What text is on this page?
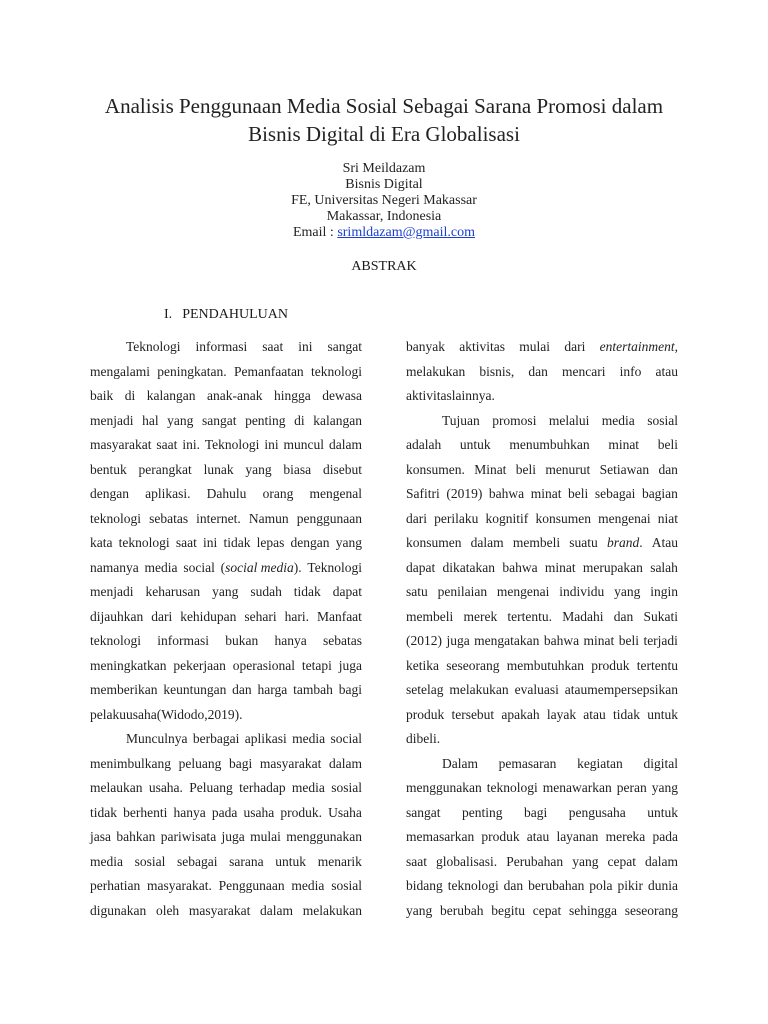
Analisis Penggunaan Media Sosial Sebagai Sarana Promosi dalam
Bisnis Digital di Era Globalisasi
Sri Meildazam
Bisnis Digital
FE, Universitas Negeri Makassar
Makassar, Indonesia
Email : srimldazam@gmail.com
ABSTRAK
I. PENDAHULUAN
Teknologi informasi saat ini sangat
mengalami peningkatan. Pemanfaatan teknologi
baik di kalangan anak-anak hingga dewasa
menjadi hal yang sangat penting di kalangan
masyarakat saat ini. Teknologi ini muncul dalam
bentuk perangkat lunak yang biasa disebut
dengan aplikasi. Dahulu orang mengenal
teknologi sebatas internet. Namun penggunaan
kata teknologi saat ini tidak lepas dengan yang
namanya media social (social media). Teknologi
menjadi keharusan yang sudah tidak dapat
dijauhkan dari kehidupan sehari hari. Manfaat
teknologi informasi bukan hanya sebatas
meningkatkan pekerjaan operasional tetapi juga
memberikan keuntungan dan harga tambah bagi
pelaku usaha ( Widodo, 2019).
Munculnya berbagai aplikasi media social
menimbulkang peluang bagi masyarakat dalam
melaukan usaha. Peluang terhadap media sosial
tidak berhenti hanya pada usaha produk. Usaha
jasa bahkan pariwisata juga mulai menggunakan
media sosial sebagai sarana untuk menarik
perhatian masyarakat. Penggunaan media sosial
digunakan oleh masyarakat dalam melakukan
banyak aktivitas mulai dari entertainment,
melakukan bisnis, dan mencari info atau
aktivitas lainnya.
Tujuan promosi melalui media sosial
adalah untuk menumbuhkan minat beli
konsumen. Minat beli menurut Setiawan dan
Safitri (2019) bahwa minat beli sebagai bagian
dari perilaku kognitif konsumen mengenai niat
konsumen dalam membeli suatu brand. Atau
dapat dikatakan bahwa minat merupakan salah
satu penilaian mengenai individu yang ingin
membeli merek tertentu. Madahi dan Sukati
(2012) juga mengatakan bahwa minat beli terjadi
ketika seseorang membutuhkan produk tertentu
setelag melakukan evaluasi ataumempersepsikan
produk tersebut apakah layak atau tidak untuk
dibeli.
Dalam pemasaran kegiatan digital
menggunakan teknologi menawarkan peran yang
sangat penting bagi pengusaha untuk
memasarkan produk atau layanan mereka pada
saat globalisasi. Perubahan yang cepat dalam
bidang teknologi dan berubahan pola pikir dunia
yang berubah begitu cepat sehingga seseorang
